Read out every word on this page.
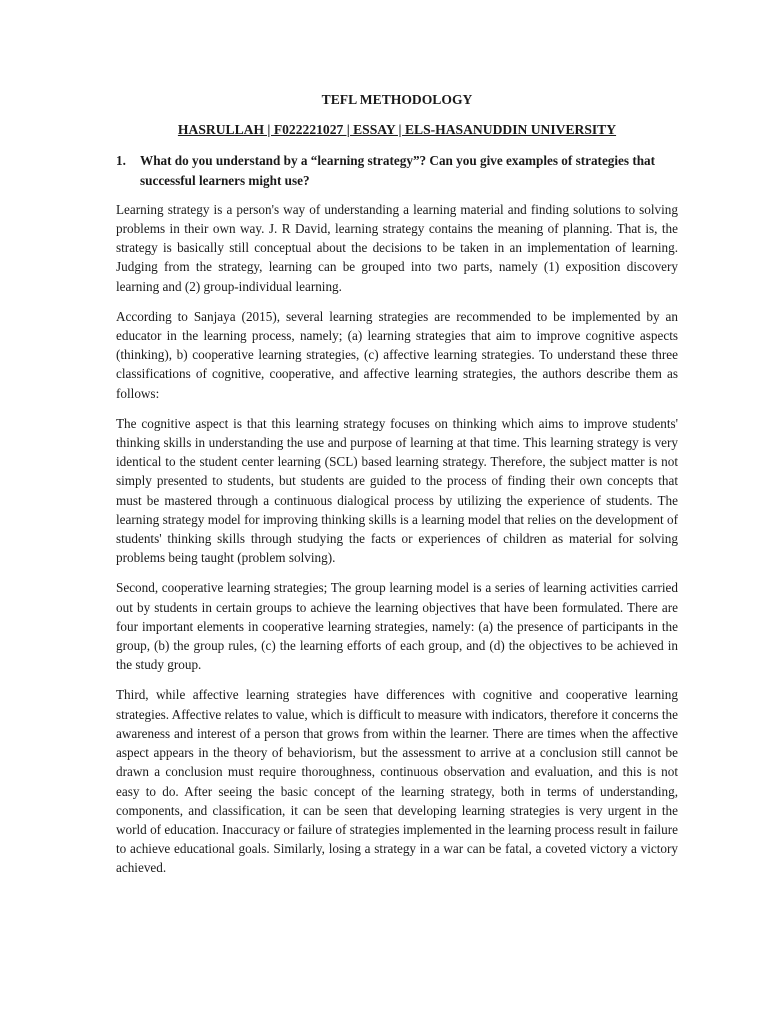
TEFL METHODOLOGY
HASRULLAH | F022221027 | ESSAY | ELS-HASANUDDIN UNIVERSITY
1.	What do you understand by a “learning strategy”? Can you give examples of strategies that successful learners might use?

Learning strategy is a person's way of understanding a learning material and finding solutions to solving problems in their own way. J. R David, learning strategy contains the meaning of planning. That is, the strategy is basically still conceptual about the decisions to be taken in an implementation of learning. Judging from the strategy, learning can be grouped into two parts, namely (1) exposition discovery learning and (2) group-individual learning.

According to Sanjaya (2015), several learning strategies are recommended to be implemented by an educator in the learning process, namely; (a) learning strategies that aim to improve cognitive aspects (thinking), b) cooperative learning strategies, (c) affective learning strategies. To understand these three classifications of cognitive, cooperative, and affective learning strategies, the authors describe them as follows:

The cognitive aspect is that this learning strategy focuses on thinking which aims to improve students' thinking skills in understanding the use and purpose of learning at that time. This learning strategy is very identical to the student center learning (SCL) based learning strategy. Therefore, the subject matter is not simply presented to students, but students are guided to the process of finding their own concepts that must be mastered through a continuous dialogical process by utilizing the experience of students. The learning strategy model for improving thinking skills is a learning model that relies on the development of students' thinking skills through studying the facts or experiences of children as material for solving problems being taught (problem solving).

Second, cooperative learning strategies; The group learning model is a series of learning activities carried out by students in certain groups to achieve the learning objectives that have been formulated. There are four important elements in cooperative learning strategies, namely: (a) the presence of participants in the group, (b) the group rules, (c) the learning efforts of each group, and (d) the objectives to be achieved in the study group.

Third, while affective learning strategies have differences with cognitive and cooperative learning strategies. Affective relates to value, which is difficult to measure with indicators, therefore it concerns the awareness and interest of a person that grows from within the learner. There are times when the affective aspect appears in the theory of behaviorism, but the assessment to arrive at a conclusion still cannot be drawn a conclusion must require thoroughness, continuous observation and evaluation, and this is not easy to do. After seeing the basic concept of the learning strategy, both in terms of understanding, components, and classification, it can be seen that developing learning strategies is very urgent in the world of education. Inaccuracy or failure of strategies implemented in the learning process result in failure to achieve educational goals. Similarly, losing a strategy in a war can be fatal, a coveted victory a victory achieved.
